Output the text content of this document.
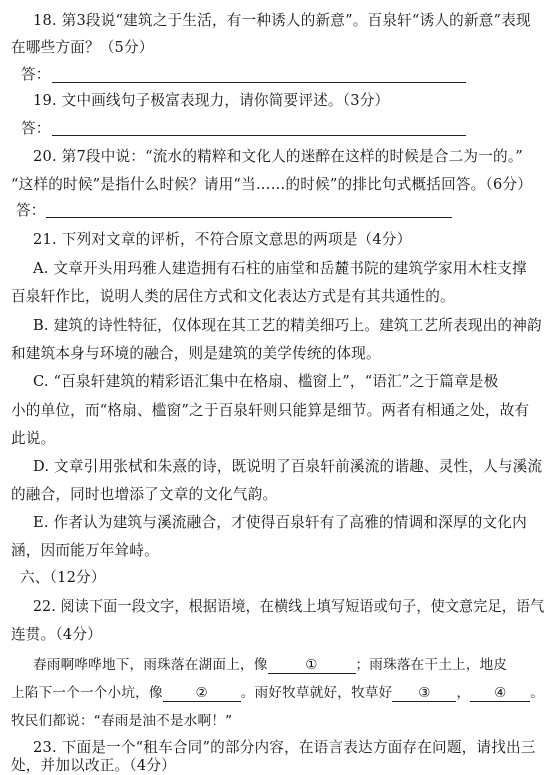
18. 第3段说“建筑之于生活，有一种诱人的新意”。百泉轩“诱人的新意”表现
在哪些方面？（5分）
答：
19. 文中画线句子极富表现力，请你简要评述。（3分）
答：
20. 第7段中说：“流水的精粹和文化人的迷醉在这样的时候是合二为一的。”
“这样的时候”是指什么时候？请用“当……的时候”的排比句式概括回答。（6分）
答：
21. 下列对文章的评析，不符合原文意思的两项是（4分）
A. 文章开头用玛雅人建造拥有石柱的庙堂和岳麓书院的建筑学家用木柱支撑
百泉轩作比，说明人类的居住方式和文化表达方式是有其共通性的。
B. 建筑的诗性特征，仅体现在其工艺的精美细巧上。建筑工艺所表现出的神韵
和建筑本身与环境的融合，则是建筑的美学传统的体现。
C. “百泉轩建筑的精彩语汇集中在格扇、槛窗上”，“语汇”之于篇章是极
小的单位，而“格扇、槛窗”之于百泉轩则只能算是细节。两者有相通之处，故有
此说。
D. 文章引用张栻和朱熹的诗，既说明了百泉轩前溪流的谐趣、灵性，人与溪流
的融合，同时也增添了文章的文化气韵。
E. 作者认为建筑与溪流融合，才使得百泉轩有了高雅的情调和深厚的文化内
涵，因而能万年耸峙。
六、（12分）
22. 阅读下面一段文字，根据语境，在横线上填写短语或句子，使文意完足，语气
连贯。（4分）
春雨啊哗哗地下，雨珠落在湖面上，像	①	；雨珠落在干土上，地皮
上陷下一个一个小坑，像 ② 。雨好牧草就好，牧草好 ③ ， ④ 。
牧民们都说：“春雨是油不是水啊！”
23. 下面是一个“租车合同”的部分内容，在语言表达方面存在问题，请找出三
处，并加以改正。（4分）
